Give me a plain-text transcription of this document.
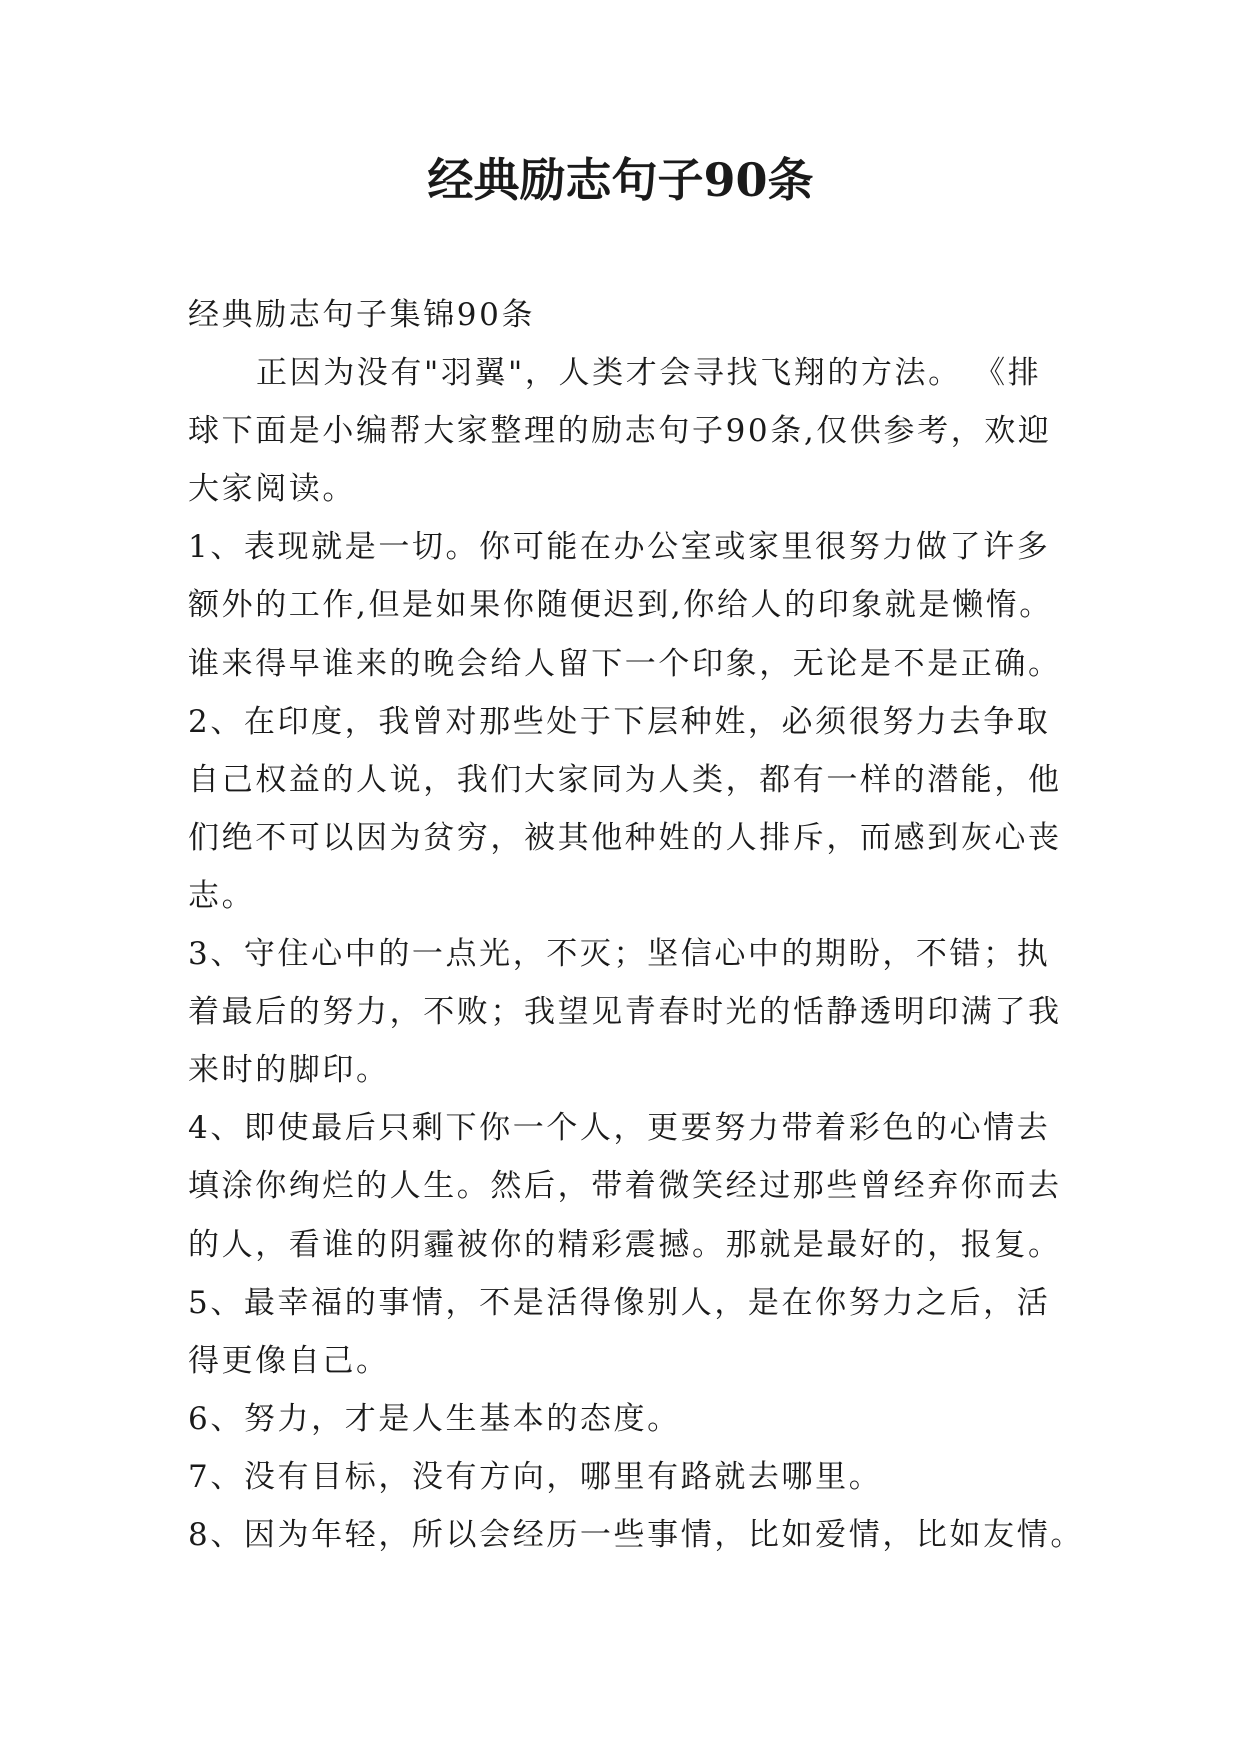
经典励志句子90条
经典励志句子集锦90条
正因为没有"羽翼"，人类才会寻找飞翔的方法。 《排
球下面是小编帮大家整理的励志句子90条,仅供参考，欢迎
大家阅读。
1、表现就是一切。你可能在办公室或家里很努力做了许多
额外的工作,但是如果你随便迟到,你给人的印象就是懒惰。
谁来得早谁来的晚会给人留下一个印象，无论是不是正确。
2、在印度，我曾对那些处于下层种姓，必须很努力去争取
自己权益的人说，我们大家同为人类，都有一样的潜能，他
们绝不可以因为贫穷，被其他种姓的人排斥，而感到灰心丧
志。
3、守住心中的一点光，不灭；坚信心中的期盼，不错；执
着最后的努力，不败；我望见青春时光的恬静透明印满了我
来时的脚印。
4、即使最后只剩下你一个人，更要努力带着彩色的心情去
填涂你绚烂的人生。然后，带着微笑经过那些曾经弃你而去
的人，看谁的阴霾被你的精彩震撼。那就是最好的，报复。
5、最幸福的事情，不是活得像别人，是在你努力之后，活
得更像自己。
6、努力，才是人生基本的态度。
7、没有目标，没有方向，哪里有路就去哪里。
8、因为年轻，所以会经历一些事情，比如爱情，比如友情。
